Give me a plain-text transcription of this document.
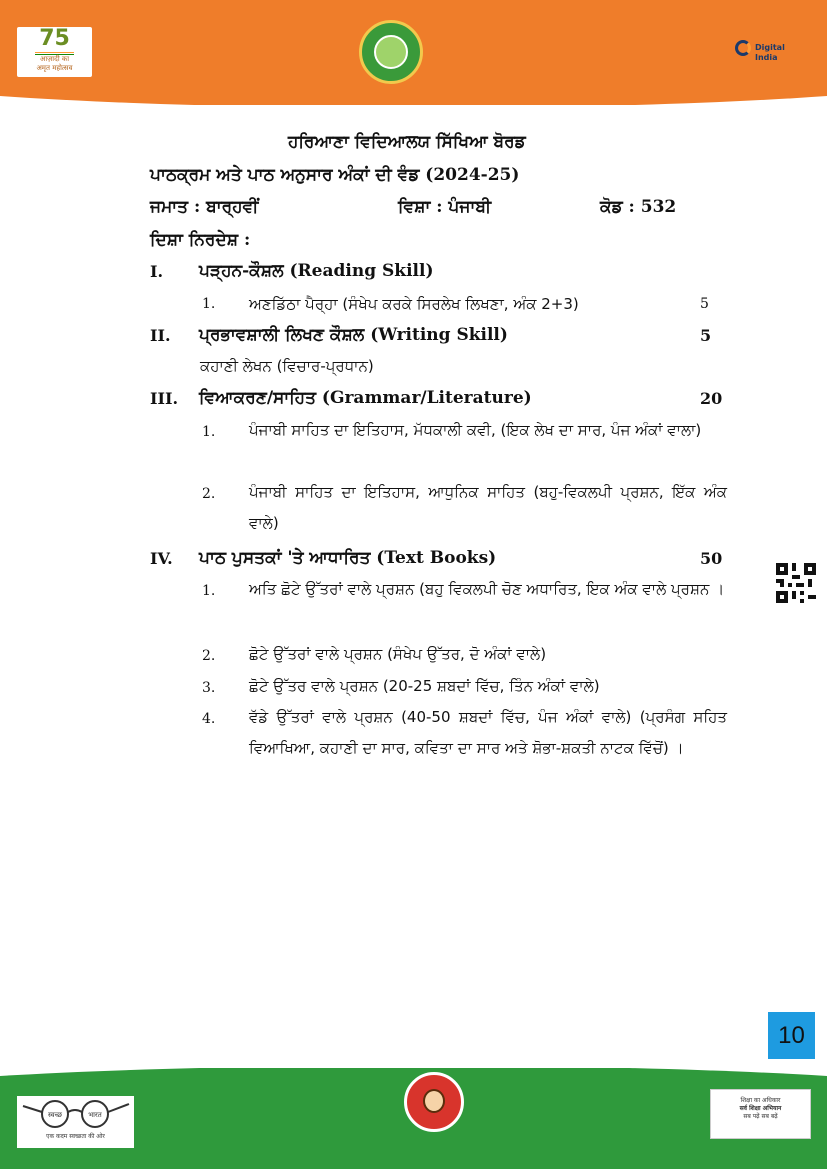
75
आज़ादी का
अमृत महोत्सव
Digital India
ਹਰਿਆਣਾ ਵਿਦਿਆਲਯ ਸਿੱਖਿਆ ਬੋਰਡ
ਪਾਠਕ੍ਰਮ ਅਤੇ ਪਾਠ ਅਨੁਸਾਰ ਅੰਕਾਂ ਦੀ ਵੰਡ (2024-25)
ਜਮਾਤ : ਬਾਰ੍ਹਵੀਂ	ਵਿਸ਼ਾ : ਪੰਜਾਬੀ	ਕੋਡ : 532
ਦਿਸ਼ਾ ਨਿਰਦੇਸ਼ :
I. ਪੜ੍ਹਨ-ਕੌਸ਼ਲ (Reading Skill)
1. ਅਣਡਿੱਠਾ ਪੈਰ੍ਹਾ (ਸੰਖੇਪ ਕਰਕੇ ਸਿਰਲੇਖ ਲਿਖਣਾ, ਅੰਕ 2+3)	5
II. ਪ੍ਰਭਾਵਸ਼ਾਲੀ ਲਿਖਣ ਕੌਸ਼ਲ (Writing Skill)	5
ਕਹਾਣੀ ਲੇਖਨ (ਵਿਚਾਰ-ਪ੍ਰਧਾਨ)
III. ਵਿਆਕਰਣ/ਸਾਹਿਤ (Grammar/Literature)	20
1. ਪੰਜਾਬੀ ਸਾਹਿਤ ਦਾ ਇਤਿਹਾਸ, ਮੱਧਕਾਲੀ ਕਵੀ, (ਇਕ ਲੇਖ ਦਾ ਸਾਰ, ਪੰਜ ਅੰਕਾਂ ਵਾਲਾ)
2. ਪੰਜਾਬੀ ਸਾਹਿਤ ਦਾ ਇਤਿਹਾਸ, ਆਧੁਨਿਕ ਸਾਹਿਤ (ਬਹੁ-ਵਿਕਲਪੀ ਪ੍ਰਸ਼ਨ, ਇੱਕ ਅੰਕ ਵਾਲੇ)
IV. ਪਾਠ ਪੁਸਤਕਾਂ 'ਤੇ ਆਧਾਰਿਤ (Text Books)	50
1. ਅਤਿ ਛੋਟੇ ਉੱਤਰਾਂ ਵਾਲੇ ਪ੍ਰਸ਼ਨ (ਬਹੁ ਵਿਕਲਪੀ ਚੋਣ ਅਧਾਰਿਤ, ਇਕ ਅੰਕ ਵਾਲੇ ਪ੍ਰਸ਼ਨ ।
2. ਛੋਟੇ ਉੱਤਰਾਂ ਵਾਲੇ ਪ੍ਰਸ਼ਨ (ਸੰਖੇਪ ਉੱਤਰ, ਦੋ ਅੰਕਾਂ ਵਾਲੇ)
3. ਛੋਟੇ ਉੱਤਰ ਵਾਲੇ ਪ੍ਰਸ਼ਨ (20-25 ਸ਼ਬਦਾਂ ਵਿੱਚ, ਤਿੰਨ ਅੰਕਾਂ ਵਾਲੇ)
4. ਵੱਡੇ ਉੱਤਰਾਂ ਵਾਲੇ ਪ੍ਰਸ਼ਨ (40-50 ਸ਼ਬਦਾਂ ਵਿੱਚ, ਪੰਜ ਅੰਕਾਂ ਵਾਲੇ) (ਪ੍ਰਸੰਗ ਸਹਿਤ ਵਿਆਖਿਆ, ਕਹਾਣੀ ਦਾ ਸਾਰ, ਕਵਿਤਾ ਦਾ ਸਾਰ ਅਤੇ ਸ਼ੋਭਾ-ਸ਼ਕਤੀ ਨਾਟਕ ਵਿੱਚੋਂ) ।
10
स्वच्छ	भारत
एक कदम स्वच्छता की ओर
शिक्षा का अधिकार
सर्व शिक्षा अभियान
सब पढ़ें सब बढ़ें
